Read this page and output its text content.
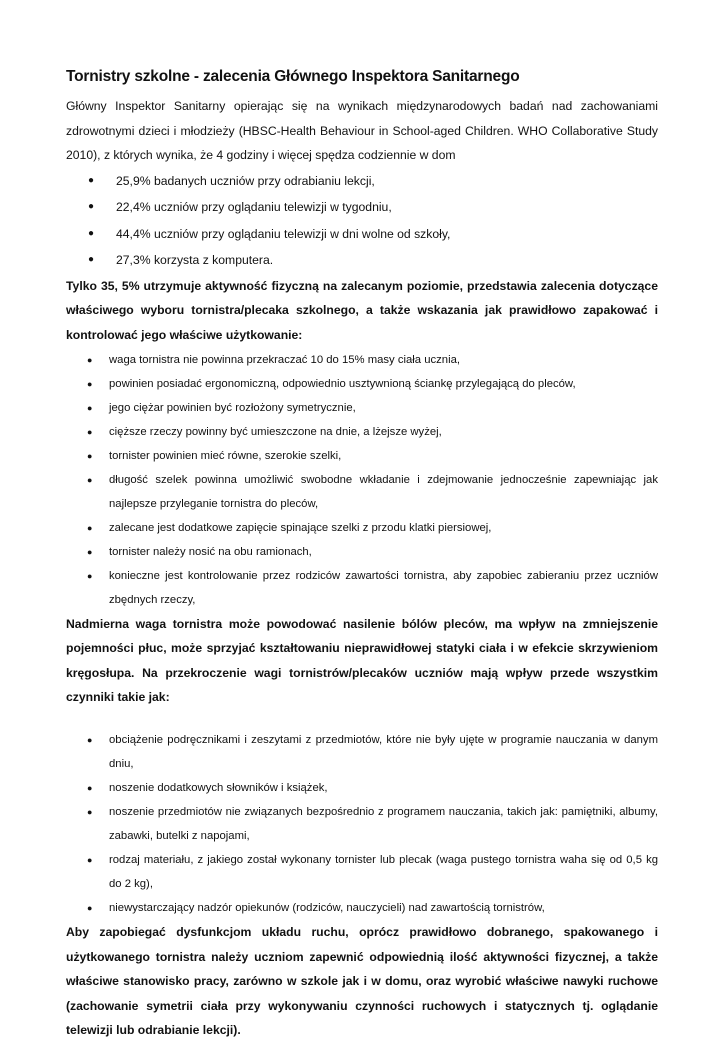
Tornistry szkolne - zalecenia Głównego Inspektora Sanitarnego

Główny Inspektor Sanitarny opierając się na wynikach międzynarodowych badań nad zachowaniami zdrowotnymi dzieci i młodzieży (HBSC-Health Behaviour in School-aged Children. WHO Collaborative Study 2010), z których wynika, że 4 godziny i więcej spędza codziennie w dom

● 25,9% badanych uczniów przy odrabianiu lekcji,
● 22,4% uczniów przy oglądaniu telewizji w tygodniu,
● 44,4% uczniów przy oglądaniu telewizji w dni wolne od szkoły,
● 27,3% korzysta z komputera.

Tylko 35, 5% utrzymuje aktywność fizyczną na zalecanym poziomie, przedstawia zalecenia dotyczące właściwego wyboru tornistra/plecaka szkolnego, a także wskazania jak prawidłowo zapakować i kontrolować jego właściwe użytkowanie:

● waga tornistra nie powinna przekraczać 10 do 15% masy ciała ucznia,
● powinien posiadać ergonomiczną, odpowiednio usztywnioną ściankę przylegającą do pleców,
● jego ciężar powinien być rozłożony symetrycznie,
● cięższe rzeczy powinny być umieszczone na dnie, a lżejsze wyżej,
● tornister powinien mieć równe, szerokie szelki,
● długość szelek powinna umożliwić swobodne wkładanie i zdejmowanie jednocześnie zapewniając jak najlepsze przyleganie tornistra do pleców,
● zalecane jest dodatkowe zapięcie spinające szelki z przodu klatki piersiowej,
● tornister należy nosić na obu ramionach,
● konieczne jest kontrolowanie przez rodziców zawartości tornistra, aby zapobiec zabieraniu przez uczniów zbędnych rzeczy,

Nadmierna waga tornistra może powodować nasilenie bólów pleców, ma wpływ na zmniejszenie pojemności płuc, może sprzyjać kształtowaniu nieprawidłowej statyki ciała i w efekcie skrzywieniom kręgosłupa. Na przekroczenie wagi tornistrów/plecaków uczniów mają wpływ przede wszystkim czynniki takie jak:

● obciążenie podręcznikami i zeszytami z przedmiotów, które nie były ujęte w programie nauczania w danym dniu,
● noszenie dodatkowych słowników i książek,
● noszenie przedmiotów nie związanych bezpośrednio z programem nauczania, takich jak: pamiętniki, albumy, zabawki, butelki z napojami,
● rodzaj materiału, z jakiego został wykonany tornister lub plecak (waga pustego tornistra waha się od 0,5 kg do 2 kg),
● niewystarczający nadzór opiekunów (rodziców, nauczycieli) nad zawartością tornistrów,

Aby zapobiegać dysfunkcjom układu ruchu, oprócz prawidłowo dobranego, spakowanego i użytkowanego tornistra należy uczniom zapewnić odpowiednią ilość aktywności fizycznej, a także właściwe stanowisko pracy, zarówno w szkole jak i w domu, oraz wyrobić właściwe nawyki ruchowe (zachowanie symetrii ciała przy wykonywaniu czynności ruchowych i statycznych tj. oglądanie telewizji lub odrabianie lekcji).
